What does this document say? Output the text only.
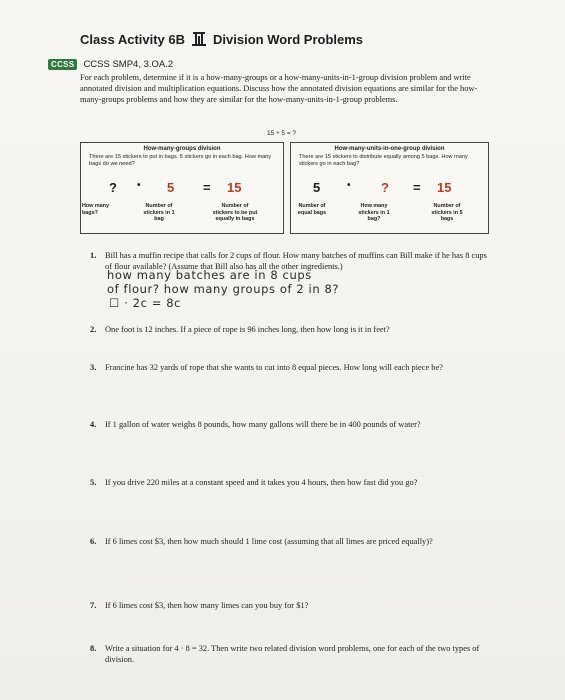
Class Activity 6B Division Word Problems
CCSS CCSS SMP4, 3.OA.2
For each problem, determine if it is a how-many-groups or a how-many-units-in-1-group division problem and write annotated division and multiplication equations. Discuss how the annotated division equations are similar for the how-many-groups problems and how they are similar for the how-many-units-in-1-group problems.
15 ÷ 5 = ?
How-many-groups division
There are 15 stickers to put in bags. 5 stickers go in each bag. How many bags do we need?
? • 5 = 15
How many bags?
Number of stickers in 1 bag
Number of stickers to be put equally in bags
How-many-units-in-one-group division
There are 15 stickers to distribute equally among 5 bags. How many stickers go in each bag?
5	• ? = 15
Number of equal bags
How many stickers in 1 bag?
Number of stickers in 5 bags
1.	Bill has a muffin recipe that calls for 2 cups of flour. How many batches of muffins can Bill make if he has 8 cups of flour available? (Assume that Bill also has all the other ingredients.)
how many batches are in 8 cups
of flour? how many groups of 2 in 8?
☐ · 2c = 8c
2.	One foot is 12 inches. If a piece of rope is 96 inches long, then how long is it in feet?
3.	Francine has 32 yards of rope that she wants to cut into 8 equal pieces. How long will each piece be?
4.	If 1 gallon of water weighs 8 pounds, how many gallons will there be in 400 pounds of water?
5.	If you drive 220 miles at a constant speed and it takes you 4 hours, then how fast did you go?
6.	If 6 limes cost $3, then how much should 1 lime cost (assuming that all limes are priced equally)?
7.	If 6 limes cost $3, then how many limes can you buy for $1?
8.	Write a situation for 4 · 8 = 32. Then write two related division word problems, one for each of the two types of division.
